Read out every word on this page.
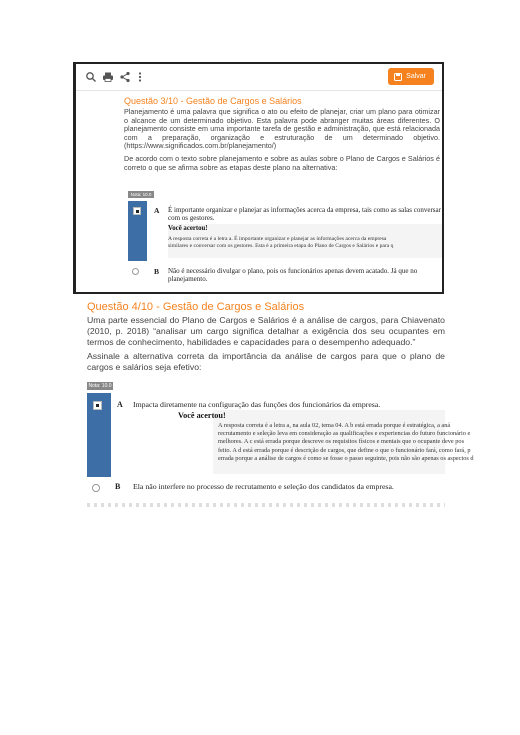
Salvar
Questão 3/10 - Gestão de Cargos e Salários

Planejamento é uma palavra que significa o ato ou efeito de planejar, criar um plano para otimizar o alcance de um determinado objetivo. Esta palavra pode abranger muitas áreas diferentes. O planejamento consiste em uma importante tarefa de gestão e administração, que está relacionada com a preparação, organização e estruturação de um determinado objetivo. (https://www.significados.com.br/planejamento/)

De acordo com o texto sobre planejamento e sobre as aulas sobre o Plano de Cargos e Salários é correto o que se afirma sobre as etapas deste plano na alternativa:

Nota: 10.0
A É importante organizar e planejar as informações acerca da empresa, tais como as salas conversar com os gestores.
Você acertou!
A resposta correta é a letra a. É importante organizar e planejar as informações acerca da empresa
similares e conversar com os gestores. Esta é a primeira etapa do Plano de Cargos e Salários e para q
B Não é necessário divulgar o plano, pois os funcionários apenas devem acatado. Já que no planejamento.
Questão 4/10 - Gestão de Cargos e Salários

Uma parte essencial do Plano de Cargos e Salários é a análise de cargos, para Chiavenato (2010, p. 2018) “analisar um cargo significa detalhar a exigência dos seu ocupantes em termos de conhecimento, habilidades e capacidades para o desempenho adequado.”

Assinale a alternativa correta da importância da análise de cargos para que o plano de cargos e salários seja efetivo:

Nota: 10.0
A Impacta diretamente na configuração das funções dos funcionários da empresa.
Você acertou!
A resposta correta é a letra a, na aula 02, tema 04. A b está errada porque é estratégica, a aná
recrutamento e seleção leva em consideração as qualificações e experiencias do futuro funcionário e
melhores. A c está errada porque descreve os requisitos físicos e mentais que o ocupante deve pos
feito. A d está errada porque é descrição de cargos, que define o que o funcionário fará, como fará, p
errada porque a análise de cargos é como se fosse o passo seguinte, pois não são apenas os aspectos d
B Ela não interfere no processo de recrutamento e seleção dos candidatos da empresa.
